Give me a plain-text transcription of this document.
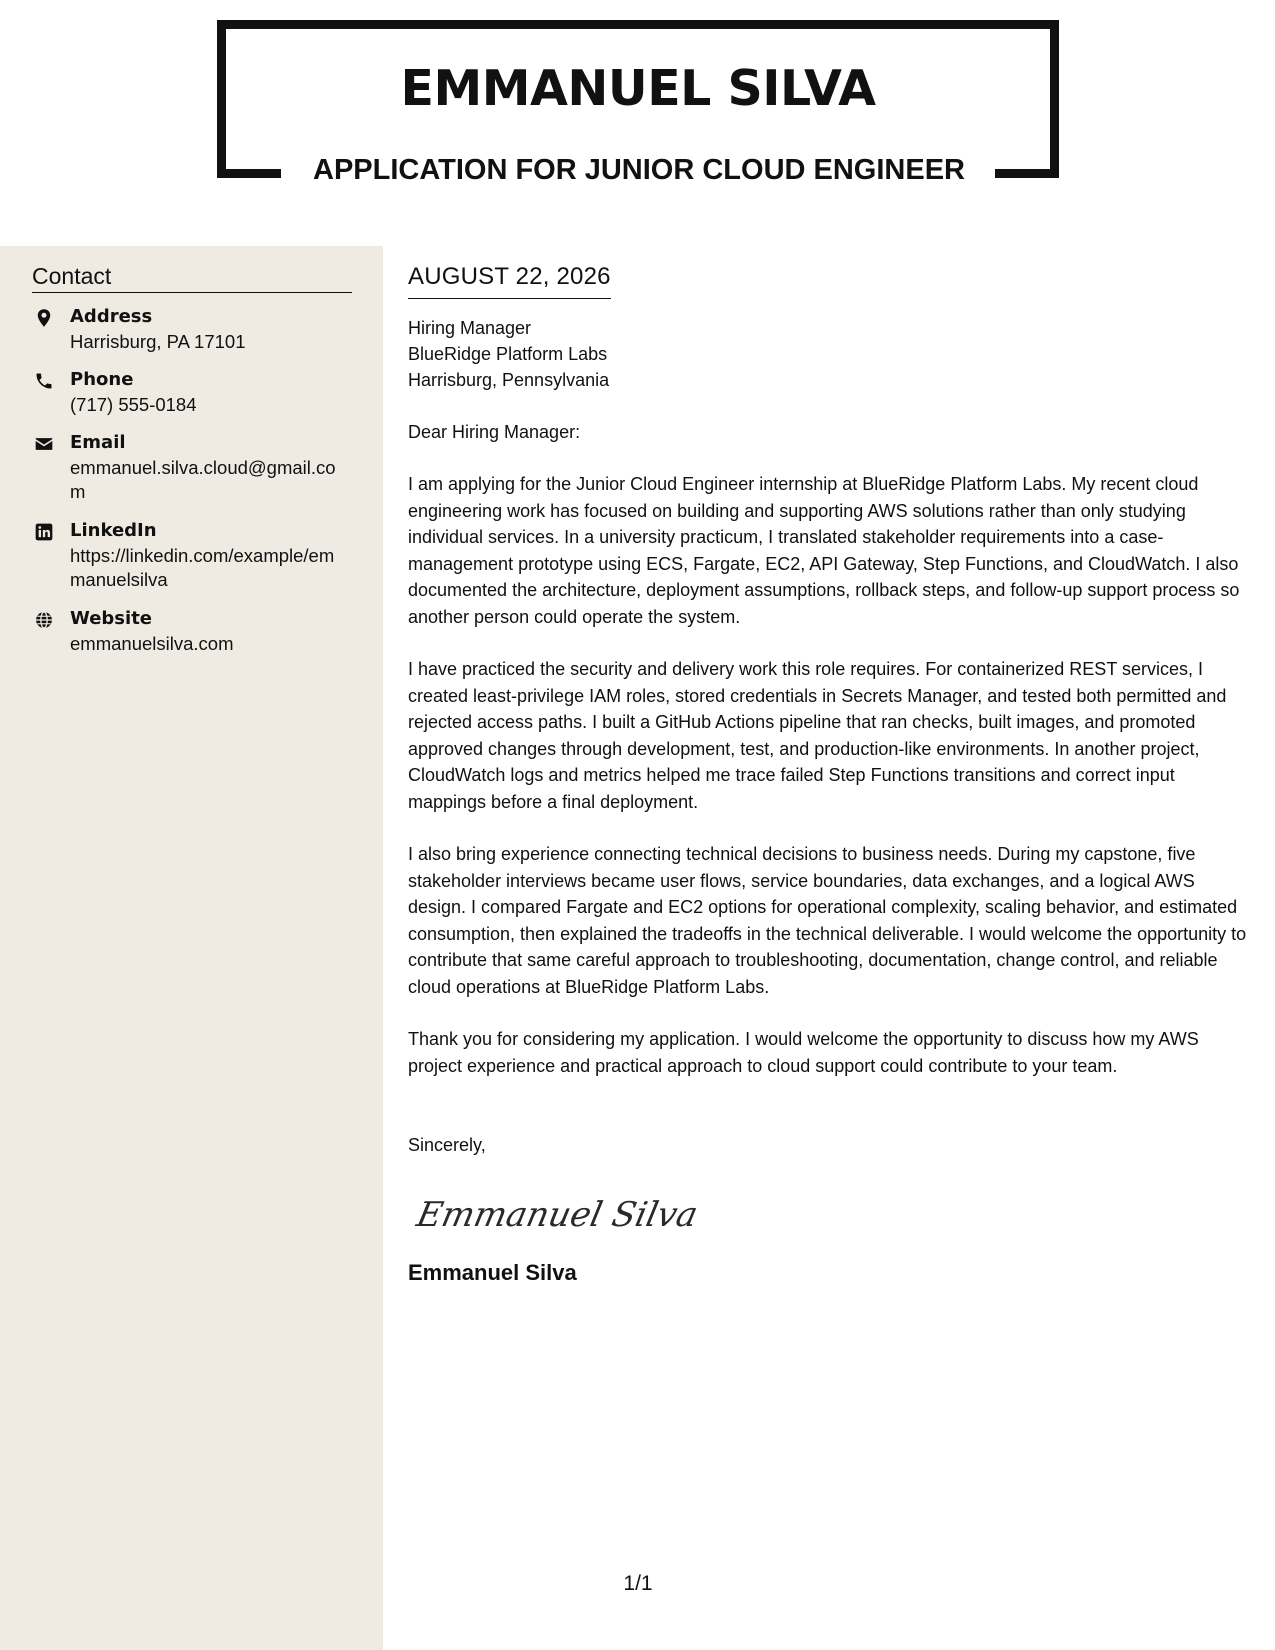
EMMANUEL SILVA
APPLICATION FOR JUNIOR CLOUD ENGINEER
Contact
Address
Harrisburg, PA 17101
Phone
(717) 555-0184
Email
emmanuel.silva.cloud@gmail.com
LinkedIn
https://linkedin.com/example/emmanuelsilva
Website
emmanuelsilva.com
AUGUST 22, 2026
Hiring Manager
BlueRidge Platform Labs
Harrisburg, Pennsylvania
Dear Hiring Manager:

I am applying for the Junior Cloud Engineer internship at BlueRidge Platform Labs. My recent cloud engineering work has focused on building and supporting AWS solutions rather than only studying individual services. In a university practicum, I translated stakeholder requirements into a case-management prototype using ECS, Fargate, EC2, API Gateway, Step Functions, and CloudWatch. I also documented the architecture, deployment assumptions, rollback steps, and follow-up support process so another person could operate the system.

I have practiced the security and delivery work this role requires. For containerized REST services, I created least-privilege IAM roles, stored credentials in Secrets Manager, and tested both permitted and rejected access paths. I built a GitHub Actions pipeline that ran checks, built images, and promoted approved changes through development, test, and production-like environments. In another project, CloudWatch logs and metrics helped me trace failed Step Functions transitions and correct input mappings before a final deployment.

I also bring experience connecting technical decisions to business needs. During my capstone, five stakeholder interviews became user flows, service boundaries, data exchanges, and a logical AWS design. I compared Fargate and EC2 options for operational complexity, scaling behavior, and estimated consumption, then explained the tradeoffs in the technical deliverable. I would welcome the opportunity to contribute that same careful approach to troubleshooting, documentation, change control, and reliable cloud operations at BlueRidge Platform Labs.

Thank you for considering my application. I would welcome the opportunity to discuss how my AWS project experience and practical approach to cloud support could contribute to your team.

Sincerely,
Emmanuel Silva
Emmanuel Silva
1/1
